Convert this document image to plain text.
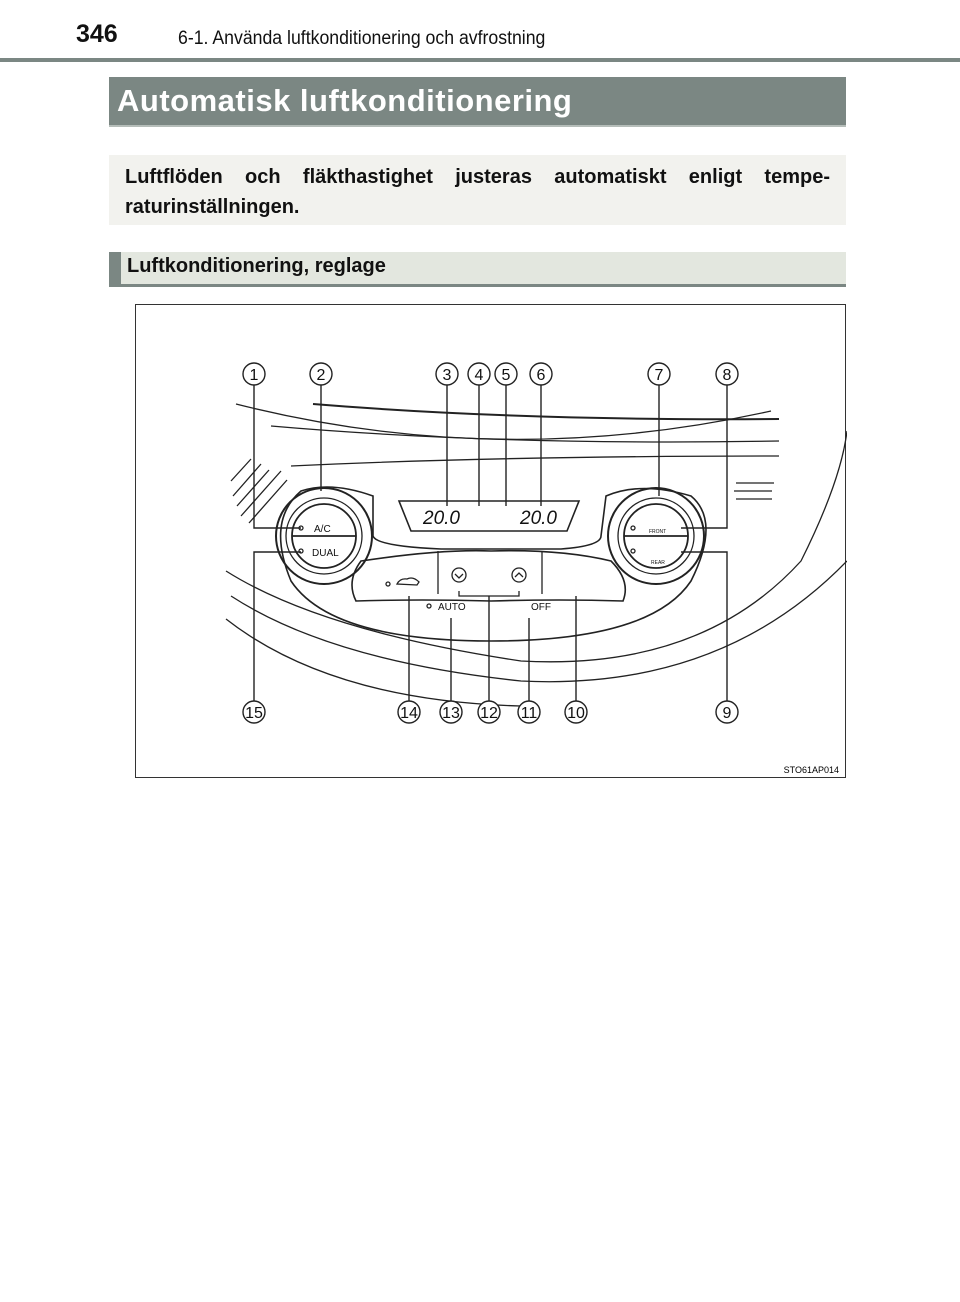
346	6-1. Använda luftkonditionering och avfrostning
Automatisk luftkonditionering
Luftflöden och fläkthastighet justeras automatiskt enligt tempe-raturinställningen.
Luftkonditionering, reglage
20.0	20.0
A/C
DUAL
AUTO	OFF
FRONT
REAR
STO61AP014
1	2	3 4 5 6	7	8
9
10
11
12
13
14
15
